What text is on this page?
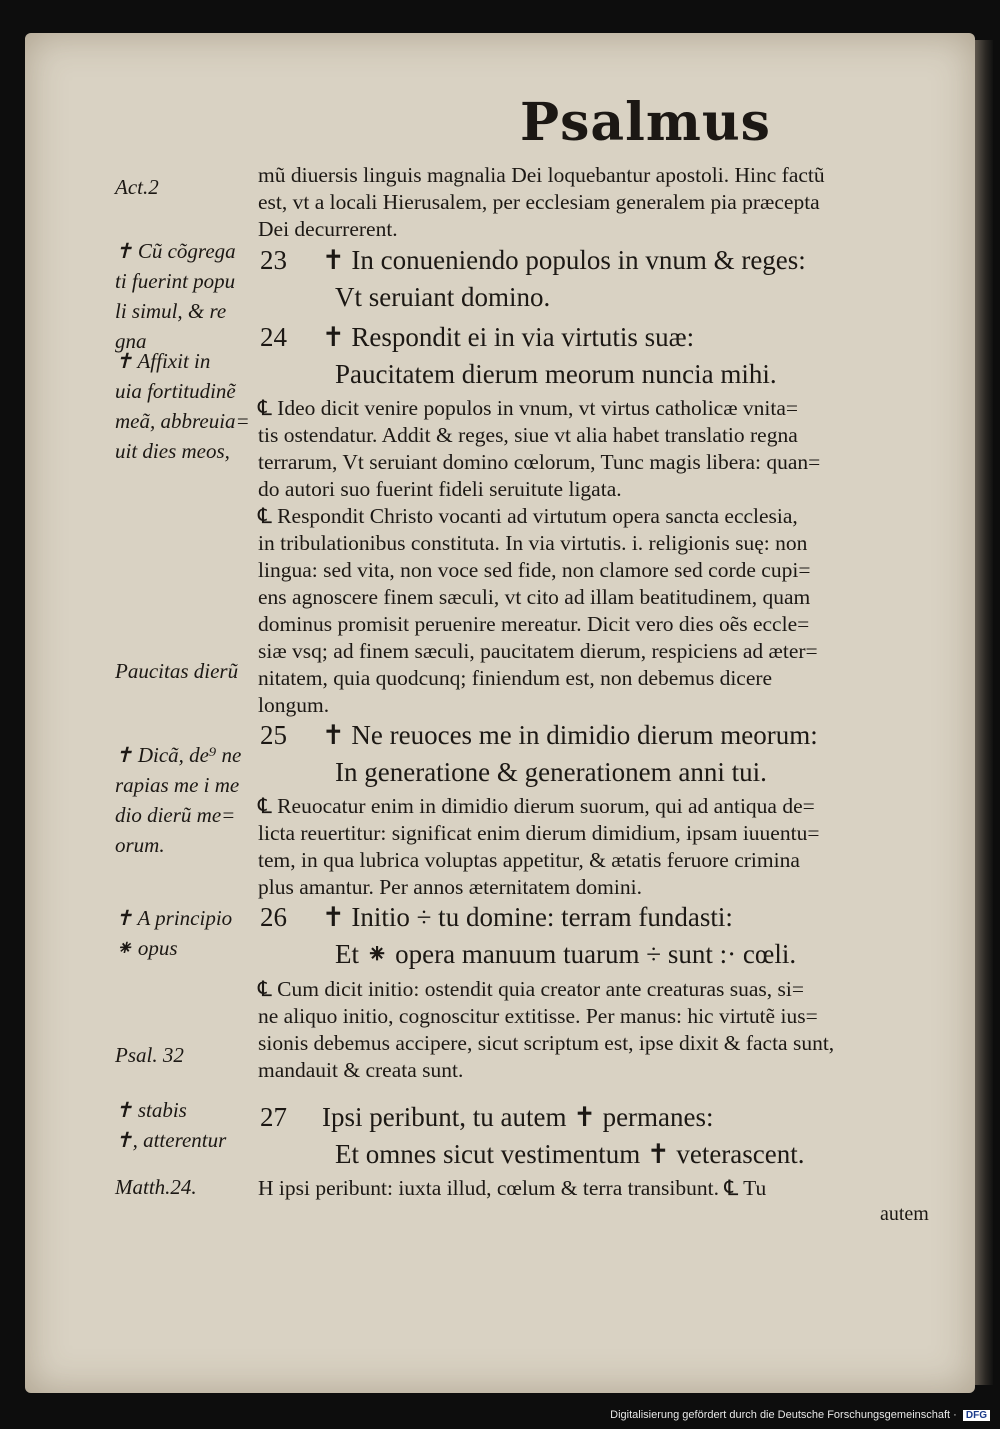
Psalmus
Act.2
✝ Cũ cõgrega
ti fuerint popu
li simul, & re
gna
✝ Affixit in
uia fortitudinẽ
meã, abbreuia=
uit dies meos,
Paucitas dierũ
✝ Dicã, de⁹ ne
rapias me i me
dio dierũ me=
orum.
✝ A principio
⁕ opus
Psal. 32
✝ stabis
✝, atterentur
Matth.24.
mũ diuersis linguis magnalia Dei loquebantur apostoli. Hinc factũ
est, vt a locali Hierusalem, per ecclesiam generalem pia præcepta
Dei decurrerent.
23 ✝ In conueniendo populos in vnum & reges:
Vt seruiant domino.
24 ✝ Respondit ei in via virtutis suæ:
Paucitatem dierum meorum nuncia mihi.
℄ Ideo dicit venire populos in vnum, vt virtus catholicæ vnita=
tis ostendatur. Addit & reges, siue vt alia habet translatio regna
terrarum, Vt seruiant domino cœlorum, Tunc magis libera: quan=
do autori suo fuerint fideli seruitute ligata.
℄ Respondit Christo vocanti ad virtutum opera sancta ecclesia,
in tribulationibus constituta. In via virtutis. i. religionis suę: non
lingua: sed vita, non voce sed fide, non clamore sed corde cupi=
ens agnoscere finem sæculi, vt cito ad illam beatitudinem, quam
dominus promisit peruenire mereatur. Dicit vero dies oẽs eccle=
siæ vsq; ad finem sæculi, paucitatem dierum, respiciens ad æter=
nitatem, quia quodcunq; finiendum est, non debemus dicere
longum.
25 ✝ Ne reuoces me in dimidio dierum meorum:
In generatione & generationem anni tui.
℄ Reuocatur enim in dimidio dierum suorum, qui ad antiqua de=
licta reuertitur: significat enim dierum dimidium, ipsam iuuentu=
tem, in qua lubrica voluptas appetitur, & ætatis feruore crimina
plus amantur. Per annos æternitatem domini.
26 ✝ Initio ÷ tu domine: terram fundasti:
Et ⁕ opera manuum tuarum ÷ sunt :· cœli.
℄ Cum dicit initio: ostendit quia creator ante creaturas suas, si=
ne aliquo initio, cognoscitur extitisse. Per manus: hic virtutẽ ius=
sionis debemus accipere, sicut scriptum est, ipse dixit & facta sunt,
mandauit & creata sunt.
27 Ipsi peribunt, tu autem ✝ permanes:
Et omnes sicut vestimentum ✝ veterascent.
H ipsi peribunt: iuxta illud, cœlum & terra transibunt. ℄ Tu
autem
Digitalisierung gefördert durch die Deutsche Forschungsgemeinschaft · DFG
